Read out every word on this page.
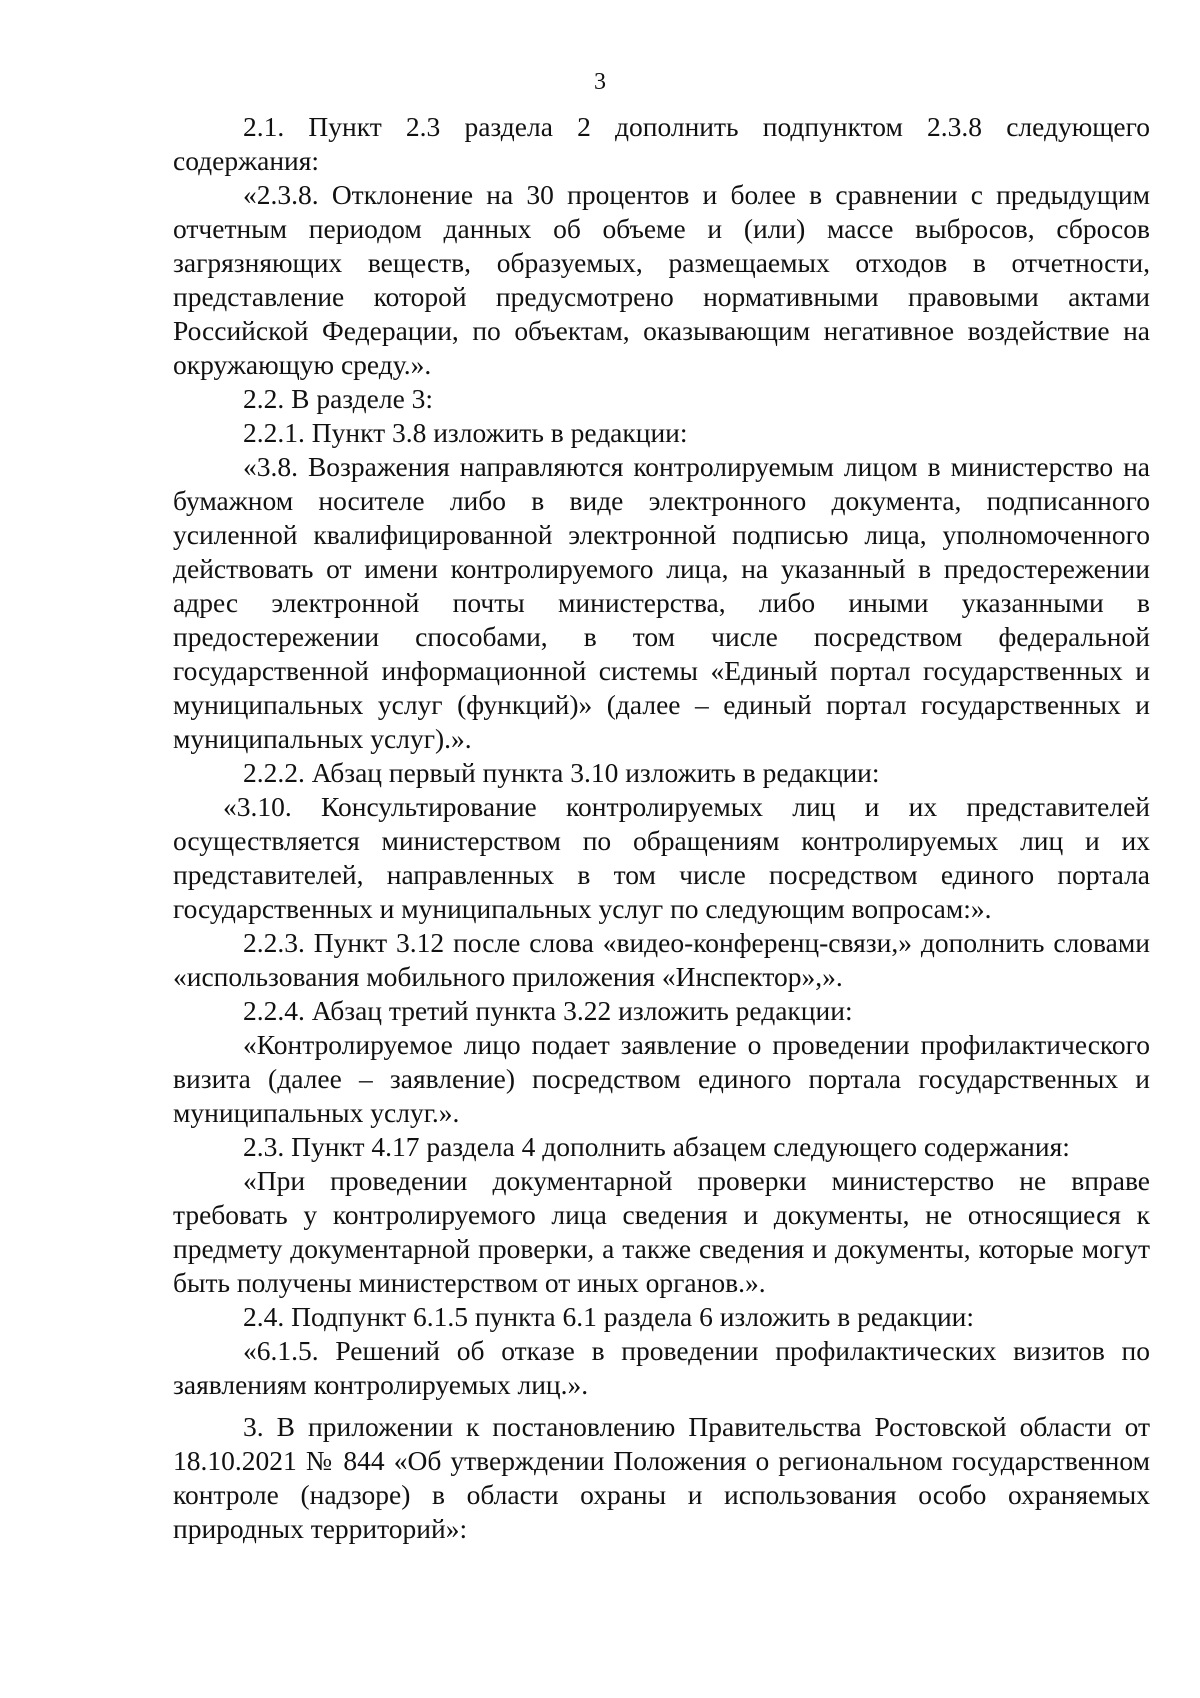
3

2.1. Пункт 2.3 раздела 2 дополнить подпунктом 2.3.8 следующего содержания:

«2.3.8. Отклонение на 30 процентов и более в сравнении с предыдущим отчетным периодом данных об объеме и (или) массе выбросов, сбросов загрязняющих веществ, образуемых, размещаемых отходов в отчетности, представление которой предусмотрено нормативными правовыми актами Российской Федерации, по объектам, оказывающим негативное воздействие на окружающую среду.».

2.2. В разделе 3:

2.2.1. Пункт 3.8 изложить в редакции:

«3.8. Возражения направляются контролируемым лицом в министерство на бумажном носителе либо в виде электронного документа, подписанного усиленной квалифицированной электронной подписью лица, уполномоченного действовать от имени контролируемого лица, на указанный в предостережении адрес электронной почты министерства, либо иными указанными в предостережении способами, в том числе посредством федеральной государственной информационной системы «Единый портал государственных и муниципальных услуг (функций)» (далее – единый портал государственных и муниципальных услуг).».

2.2.2. Абзац первый пункта 3.10 изложить в редакции:

«3.10. Консультирование контролируемых лиц и их представителей осуществляется министерством по обращениям контролируемых лиц и их представителей, направленных в том числе посредством единого портала государственных и муниципальных услуг по следующим вопросам:».

2.2.3. Пункт 3.12 после слова «видео-конференц-связи,» дополнить словами «использования мобильного приложения «Инспектор»,».

2.2.4. Абзац третий пункта 3.22 изложить редакции:

«Контролируемое лицо подает заявление о проведении профилактического визита (далее – заявление) посредством единого портала государственных и муниципальных услуг.».

2.3. Пункт 4.17 раздела 4 дополнить абзацем следующего содержания:

«При проведении документарной проверки министерство не вправе требовать у контролируемого лица сведения и документы, не относящиеся к предмету документарной проверки, а также сведения и документы, которые могут быть получены министерством от иных органов.».

2.4. Подпункт 6.1.5 пункта 6.1 раздела 6 изложить в редакции:

«6.1.5. Решений об отказе в проведении профилактических визитов по заявлениям контролируемых лиц.».

3. В приложении к постановлению Правительства Ростовской области от 18.10.2021 № 844 «Об утверждении Положения о региональном государственном контроле (надзоре) в области охраны и использования особо охраняемых природных территорий»:
